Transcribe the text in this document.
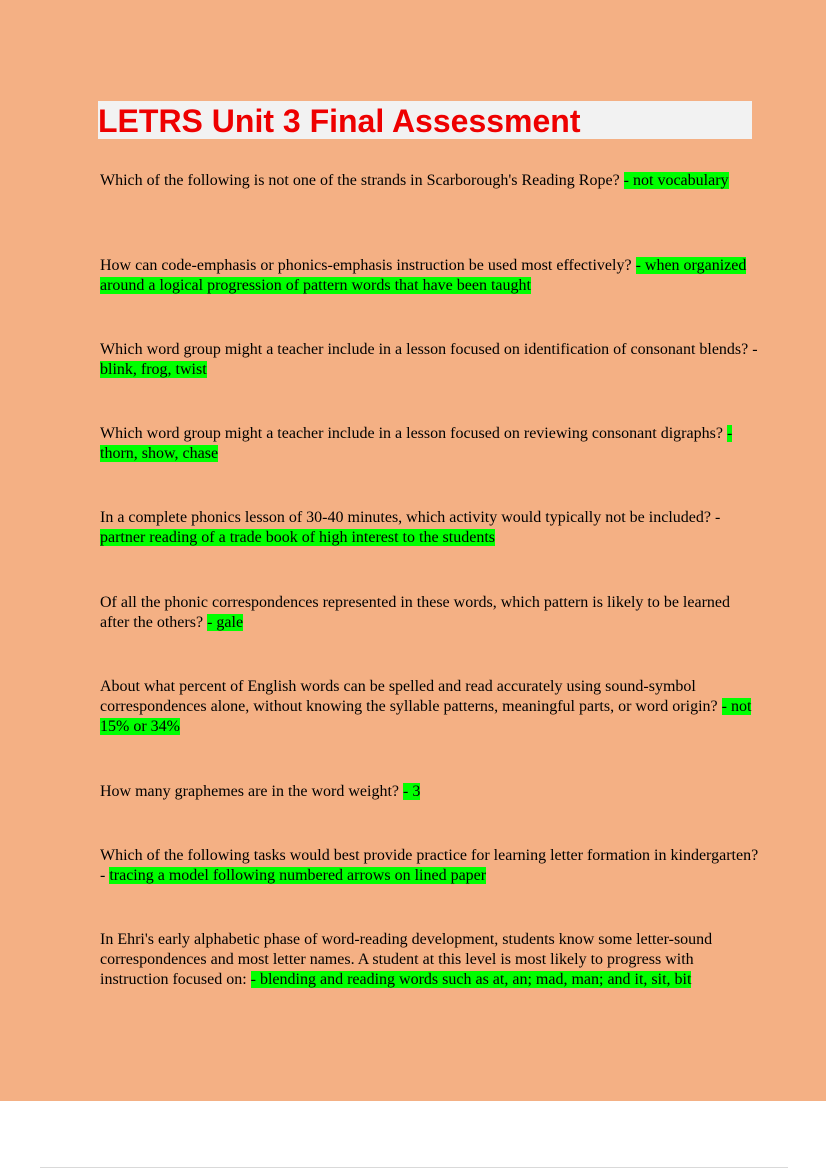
LETRS Unit 3 Final Assessment

Which of the following is not one of the strands in Scarborough's Reading Rope? - not vocabulary

How can code-emphasis or phonics-emphasis instruction be used most effectively? - when organized around a logical progression of pattern words that have been taught

Which word group might a teacher include in a lesson focused on identification of consonant blends? - blink, frog, twist

Which word group might a teacher include in a lesson focused on reviewing consonant digraphs? - thorn, show, chase

In a complete phonics lesson of 30-40 minutes, which activity would typically not be included? - partner reading of a trade book of high interest to the students

Of all the phonic correspondences represented in these words, which pattern is likely to be learned after the others? - gale

About what percent of English words can be spelled and read accurately using sound-symbol correspondences alone, without knowing the syllable patterns, meaningful parts, or word origin? - not 15% or 34%

How many graphemes are in the word weight? - 3

Which of the following tasks would best provide practice for learning letter formation in kindergarten? - tracing a model following numbered arrows on lined paper

In Ehri's early alphabetic phase of word-reading development, students know some letter-sound correspondences and most letter names. A student at this level is most likely to progress with instruction focused on: - blending and reading words such as at, an; mad, man; and it, sit, bit
